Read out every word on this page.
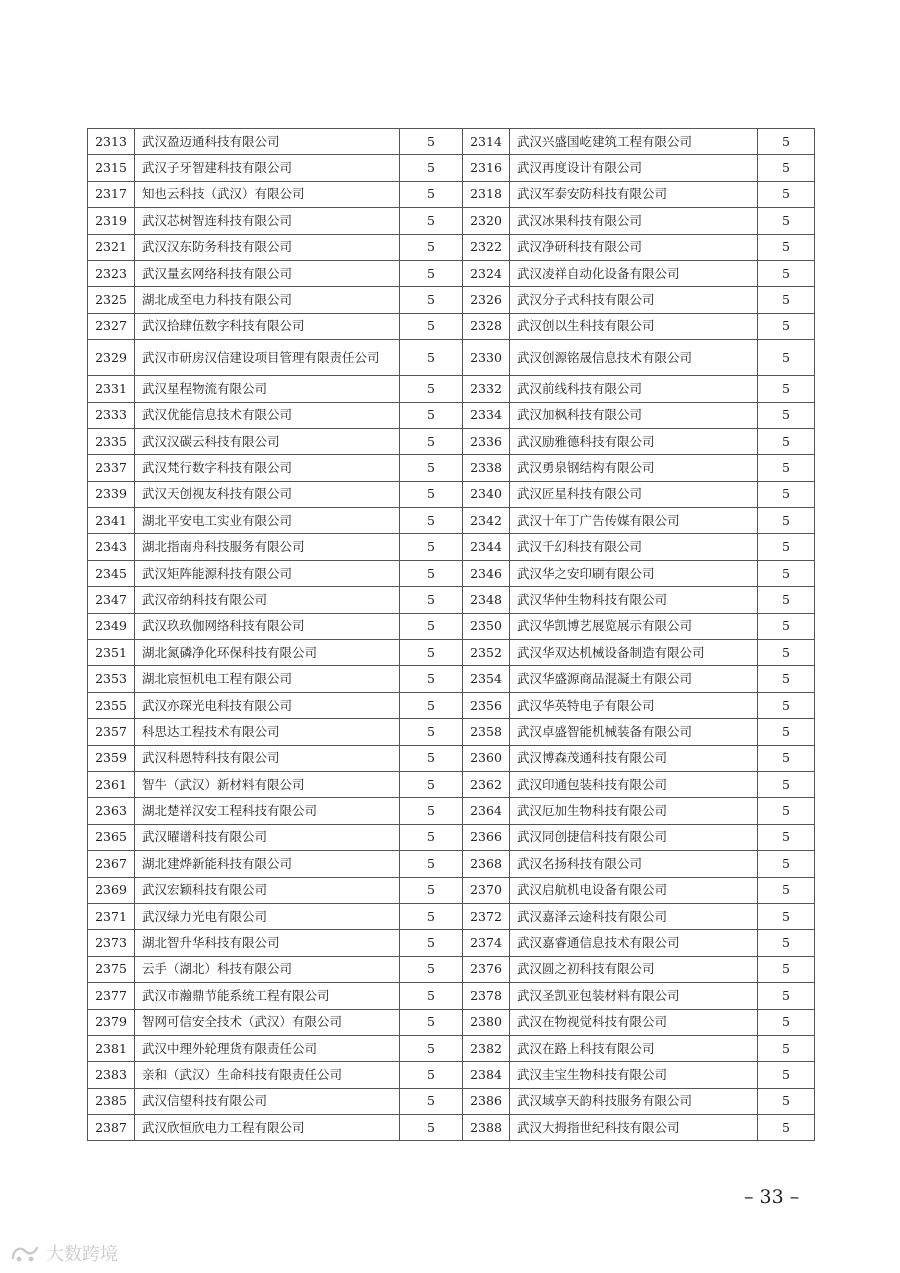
2313	武汉盈迈通科技有限公司	5	2314	武汉兴盛国屹建筑工程有限公司	5
2315	武汉子牙智建科技有限公司	5	2316	武汉再度设计有限公司	5
2317	知也云科技（武汉）有限公司	5	2318	武汉军泰安防科技有限公司	5
2319	武汉芯树智连科技有限公司	5	2320	武汉冰果科技有限公司	5
2321	武汉汉东防务科技有限公司	5	2322	武汉净研科技有限公司	5
2323	武汉量玄网络科技有限公司	5	2324	武汉凌祥自动化设备有限公司	5
2325	湖北成至电力科技有限公司	5	2326	武汉分子式科技有限公司	5
2327	武汉拾肆伍数字科技有限公司	5	2328	武汉创以生科技有限公司	5
2329	武汉市研房汉信建设项目管理有限责任公司	5	2330	武汉创源铭晟信息技术有限公司	5
2331	武汉星程物流有限公司	5	2332	武汉前线科技有限公司	5
2333	武汉优能信息技术有限公司	5	2334	武汉加枫科技有限公司	5
2335	武汉汉碳云科技有限公司	5	2336	武汉励雅德科技有限公司	5
2337	武汉梵行数字科技有限公司	5	2338	武汉勇泉钢结构有限公司	5
2339	武汉天创视友科技有限公司	5	2340	武汉匠星科技有限公司	5
2341	湖北平安电工实业有限公司	5	2342	武汉十年丁广告传媒有限公司	5
2343	湖北指南舟科技服务有限公司	5	2344	武汉千幻科技有限公司	5
2345	武汉矩阵能源科技有限公司	5	2346	武汉华之安印刷有限公司	5
2347	武汉帝纳科技有限公司	5	2348	武汉华仲生物科技有限公司	5
2349	武汉玖玖伽网络科技有限公司	5	2350	武汉华凯博艺展览展示有限公司	5
2351	湖北氮磷净化环保科技有限公司	5	2352	武汉华双达机械设备制造有限公司	5
2353	湖北宸恒机电工程有限公司	5	2354	武汉华盛源商品混凝土有限公司	5
2355	武汉亦琛光电科技有限公司	5	2356	武汉华英特电子有限公司	5
2357	科思达工程技术有限公司	5	2358	武汉卓盛智能机械装备有限公司	5
2359	武汉科恩特科技有限公司	5	2360	武汉博森茂通科技有限公司	5
2361	智牛（武汉）新材料有限公司	5	2362	武汉印通包装科技有限公司	5
2363	湖北楚祥汉安工程科技有限公司	5	2364	武汉厄加生物科技有限公司	5
2365	武汉曜谱科技有限公司	5	2366	武汉同创捷信科技有限公司	5
2367	湖北建烨新能科技有限公司	5	2368	武汉名扬科技有限公司	5
2369	武汉宏颖科技有限公司	5	2370	武汉启航机电设备有限公司	5
2371	武汉绿力光电有限公司	5	2372	武汉嘉泽云途科技有限公司	5
2373	湖北智升华科技有限公司	5	2374	武汉嘉睿通信息技术有限公司	5
2375	云手（湖北）科技有限公司	5	2376	武汉圆之初科技有限公司	5
2377	武汉市瀚鼎节能系统工程有限公司	5	2378	武汉圣凯亚包装材料有限公司	5
2379	智网可信安全技术（武汉）有限公司	5	2380	武汉在物视觉科技有限公司	5
2381	武汉中理外轮理货有限责任公司	5	2382	武汉在路上科技有限公司	5
2383	亲和（武汉）生命科技有限责任公司	5	2384	武汉圭宝生物科技有限公司	5
2385	武汉信望科技有限公司	5	2386	武汉域享天韵科技服务有限公司	5
2387	武汉欣恒欣电力工程有限公司	5	2388	武汉大拇指世纪科技有限公司	5
– 33 –
大数跨境
